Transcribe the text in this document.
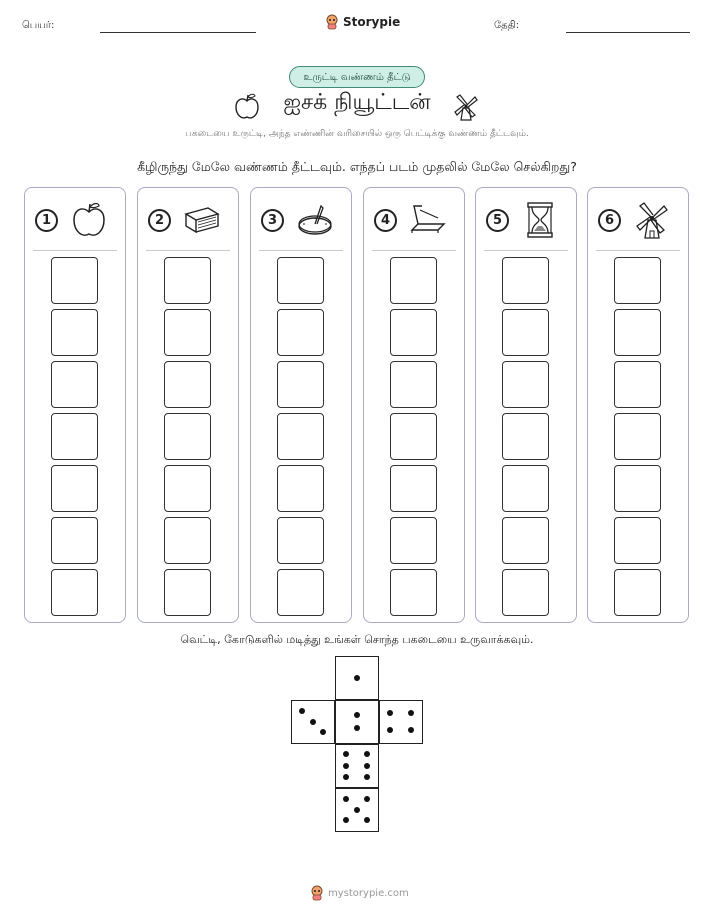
பெயர்:	Storypie	தேதி:
உருட்டி வண்ணம் தீட்டு
ஐசக் நியூட்டன்
பகடையை உருட்டி, அந்த எண்ணின் வரிசையில் ஒரு பெட்டிக்கு வண்ணம் தீட்டவும்.
கீழிருந்து மேலே வண்ணம் தீட்டவும். எந்தப் படம் முதலில் மேலே செல்கிறது?
1	2	3	4	5	6
வெட்டி, கோடுகளில் மடித்து உங்கள் சொந்த பகடையை உருவாக்கவும்.
mystorypie.com
